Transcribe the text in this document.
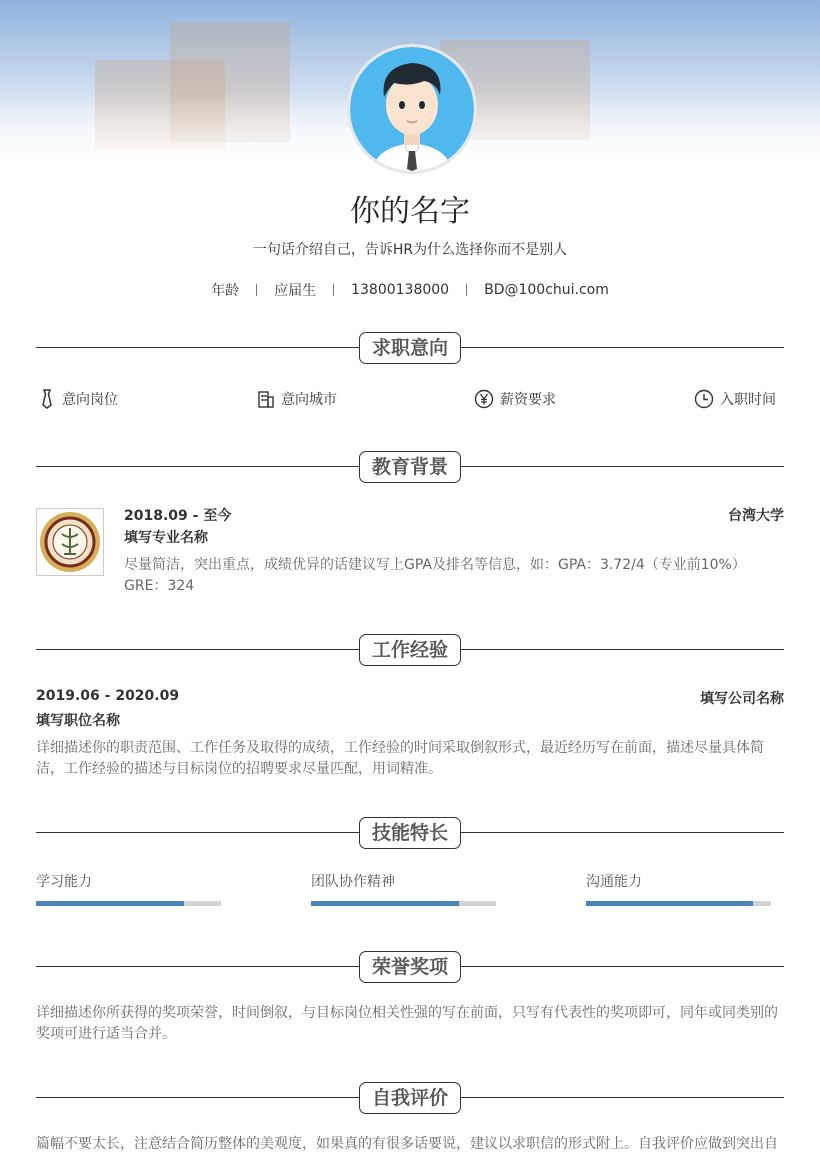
你的名字
一句话介绍自己，告诉HR为什么选择你而不是别人
年龄	应届生	13800138000	BD@100chui.com
求职意向
意向岗位	意向城市	薪资要求	入职时间
教育背景
2018.09 - 至今	台湾大学
填写专业名称
尽量简洁，突出重点，成绩优异的话建议写上GPA及排名等信息，如：GPA：3.72/4（专业前10%） GRE：324
工作经验
2019.06 - 2020.09	填写公司名称
填写职位名称
详细描述你的职责范围、工作任务及取得的成绩，工作经验的时间采取倒叙形式，最近经历写在前面，描述尽量具体简洁，工作经验的描述与目标岗位的招聘要求尽量匹配，用词精准。
技能特长
学习能力	团队协作精神	沟通能力
荣誉奖项
详细描述你所获得的奖项荣誉，时间倒叙，与目标岗位相关性强的写在前面，只写有代表性的奖项即可，同年或同类别的奖项可进行适当合并。
自我评价
篇幅不要太长，注意结合简历整体的美观度，如果真的有很多话要说，建议以求职信的形式附上。自我评价应做到突出自
